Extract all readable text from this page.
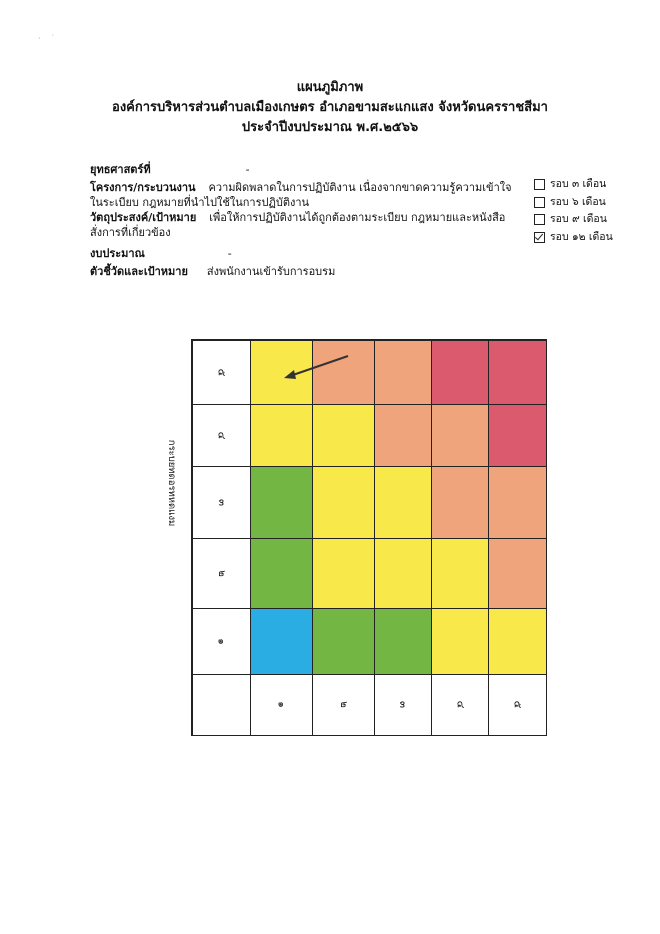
·    ˙
แผนภูมิภาพ
องค์การบริหารส่วนตำบลเมืองเกษตร อำเภอขามสะแกแสง จังหวัดนครราชสีมา
ประจำปีงบประมาณ พ.ศ.๒๕๖๖
ยุทธศาสตร์ที่	-
โครงการ/กระบวนงาน ความผิดพลาดในการปฏิบัติงาน เนื่องจากขาดความรู้ความเข้าใจ
ในระเบียบ กฎหมายที่นำไปใช้ในการปฏิบัติงาน
วัตถุประสงค์/เป้าหมาย เพื่อให้การปฏิบัติงานได้ถูกต้องตามระเบียบ กฎหมายและหนังสือ
สั่งการที่เกี่ยวข้อง
งบประมาณ	-
ตัวชี้วัดและเป้าหมาย ส่งพนักงานเข้ารับการอบรม
รอบ ๓ เดือน
รอบ ๖ เดือน
รอบ ๙ เดือน
รอบ ๑๒ เดือน
กระบยทดอรทหดแงม
๕
๔
๓
๒
๑
๑	๒	๓	๔	๕
